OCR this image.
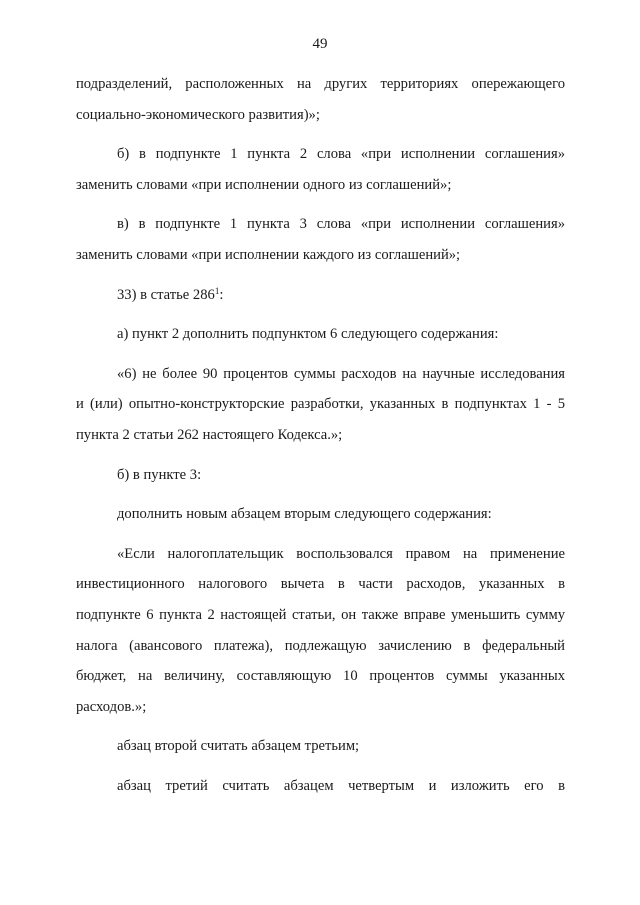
49
подразделений, расположенных на других территориях опережающего
социально-экономического развития)»;
б) в подпункте 1 пункта 2 слова «при исполнении соглашения»
заменить словами «при исполнении одного из соглашений»;
в) в подпункте 1 пункта 3 слова «при исполнении соглашения»
заменить словами «при исполнении каждого из соглашений»;
33) в статье $286^1$:
а) пункт 2 дополнить подпунктом 6 следующего содержания:
«6) не более 90 процентов суммы расходов на научные исследования
и (или) опытно-конструкторские разработки, указанных в подпунктах 1 - 5
пункта 2 статьи 262 настоящего Кодекса.»;
б) в пункте 3:
дополнить новым абзацем вторым следующего содержания:
«Если налогоплательщик воспользовался правом на применение
инвестиционного налогового вычета в части расходов, указанных в
подпункте 6 пункта 2 настоящей статьи, он также вправе уменьшить сумму
налога (авансового платежа), подлежащую зачислению в федеральный
бюджет, на величину, составляющую 10 процентов суммы указанных
расходов.»;
абзац второй считать абзацем третьим;
абзац третий считать абзацем четвертым и изложить его в
